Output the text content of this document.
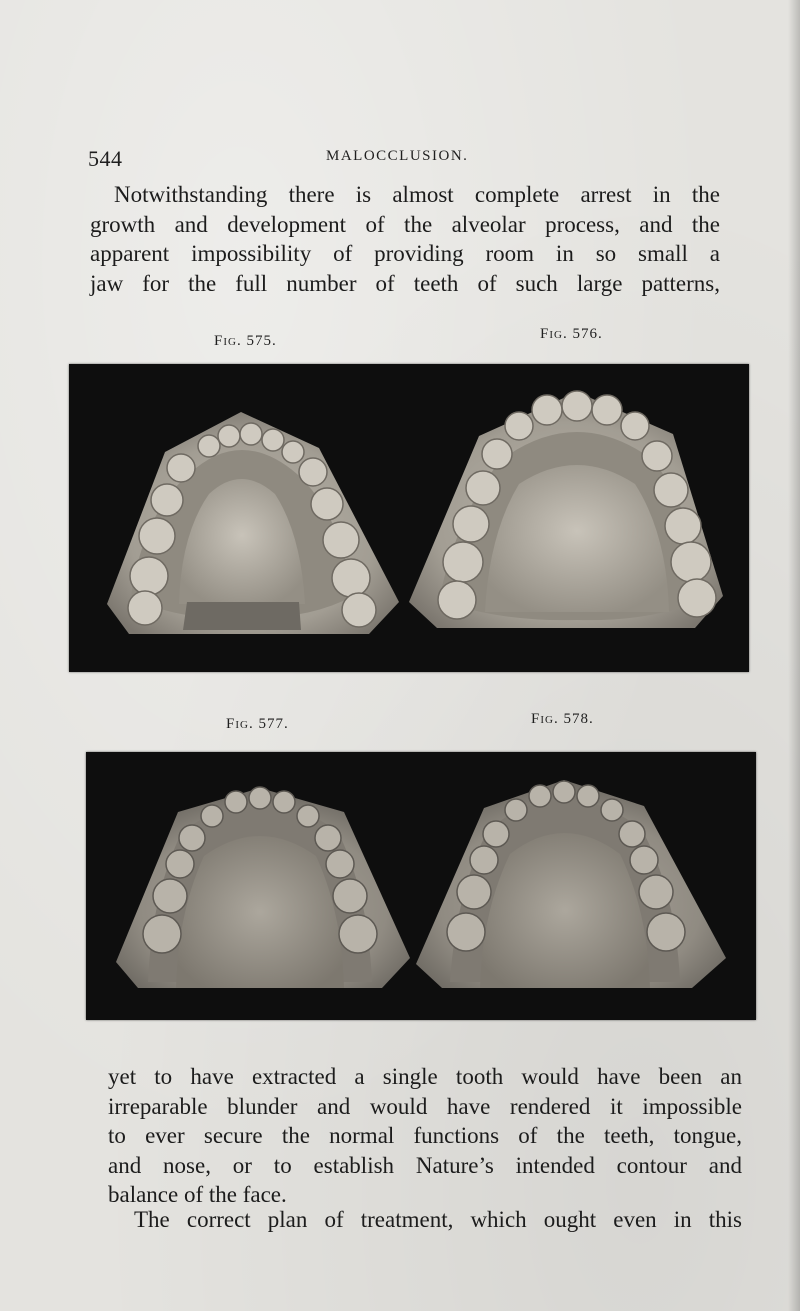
544	MALOCCLUSION.
Notwithstanding there is almost complete arrest in the
growth and development of the alveolar process, and the
apparent impossibility of providing room in so small a
jaw for the full number of teeth of such large patterns,
Fig. 575.	Fig. 576.
Fig. 577.	Fig. 578.
yet to have extracted a single tooth would have been an
irreparable blunder and would have rendered it impossible
to ever secure the normal functions of the teeth, tongue,
and nose, or to establish Nature’s intended contour and
balance of the face.
The correct plan of treatment, which ought even in this
